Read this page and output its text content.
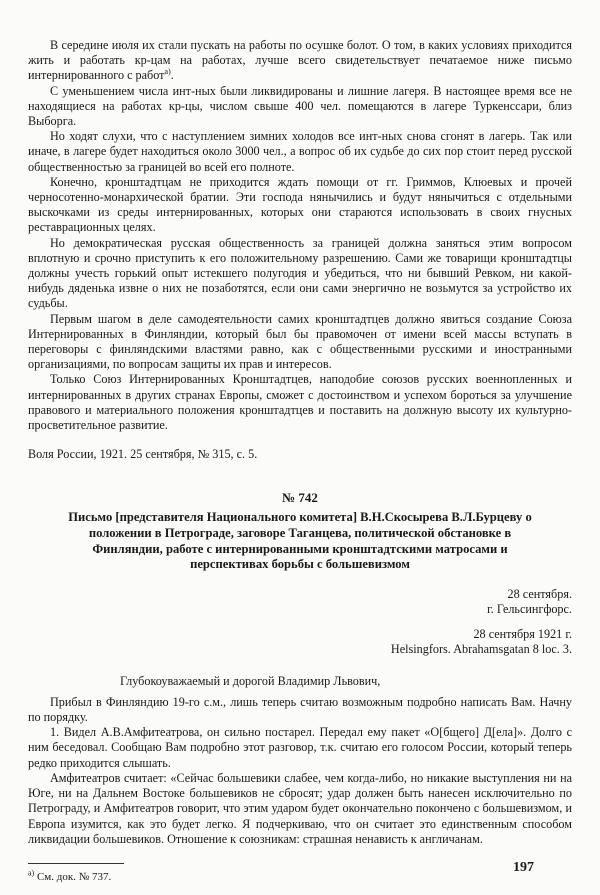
В середине июля их стали пускать на работы по осушке болот. О том, в каких условиях приходится жить и работать кр-цам на работах, лучше всего свидетельствует печатаемое ниже письмо интернированного с работ$^{а)}$.

С уменьшением числа инт-ных были ликвидированы и лишние лагеря. В настоящее время все не находящиеся на работах кр-цы, числом свыше 400 чел. помещаются в лагере Туркенссари, близ Выборга.

Но ходят слухи, что с наступлением зимних холодов все инт-ных снова сгонят в лагерь. Так или иначе, в лагере будет находиться около 3000 чел., а вопрос об их судьбе до сих пор стоит перед русской общественностью за границей во всей его полноте.

Конечно, кронштадтцам не приходится ждать помощи от гг. Гриммов, Клюевых и прочей черносотенно-монархической братии. Эти господа нянычились и будут нянычиться с отдельными выскочками из среды интернированных, которых они стараются использовать в своих гнусных реставрационных целях.

Но демократическая русская общественность за границей должна заняться этим вопросом вплотную и срочно приступить к его положительному разрешению. Сами же товарищи кронштадтцы должны учесть горький опыт истекшего полугодия и убедиться, что ни бывший Ревком, ни какой-нибудь дяденька извне о них не позаботятся, если они сами энергично не возьмутся за устройство их судьбы.

Первым шагом в деле самодеятельности самих кронштадтцев должно явиться создание Союза Интернированных в Финляндии, который был бы правомочен от имени всей массы вступать в переговоры с финляндскими властями равно, как с общественными русскими и иностранными организациями, по вопросам защиты их прав и интересов.

Только Союз Интернированных Кронштадтцев, наподобие союзов русских военнопленных и интернированных в других странах Европы, сможет с достоинством и успехом бороться за улучшение правового и материального положения кронштадтцев и поставить на должную высоту их культурно-просветительное развитие.

Воля России, 1921. 25 сентября, № 315, с. 5.

№ 742
Письмо [представителя Национального комитета] В.Н.Скосырева В.Л.Бурцеву о положении в Петрограде, заговоре Таганцева, политической обстановке в Финляндии, работе с интернированными кронштадтскими матросами и перспективах борьбы с большевизмом
28 сентября.
г. Гельсингфорс.
28 сентября 1921 г.
Helsingfors. Abrahamsgatan 8 loc. 3.
Глубокоуважаемый и дорогой Владимир Львович,

Прибыл в Финляндию 19-го с.м., лишь теперь считаю возможным подробно написать Вам. Начну по порядку.

1. Видел А.В.Амфитеатрова, он сильно постарел. Передал ему пакет «О[бщего] Д[ела]». Долго с ним беседовал. Сообщаю Вам подробно этот разговор, т.к. считаю его голосом России, который теперь редко приходится слышать.

Амфитеатров считает: «Сейчас большевики слабее, чем когда-либо, но никакие выступления ни на Юге, ни на Дальнем Востоке большевиков не сбросят; удар должен быть нанесен исключительно по Петрограду, и Амфитеатров говорит, что этим ударом будет окончательно покончено с большевизмом, и Европа изумится, как это будет легко. Я подчеркиваю, что он считает это единственным способом ликвидации большевиков. Отношение к союзникам: страшная ненависть к англичанам.

$^{а)}$ См. док. № 737.
197
